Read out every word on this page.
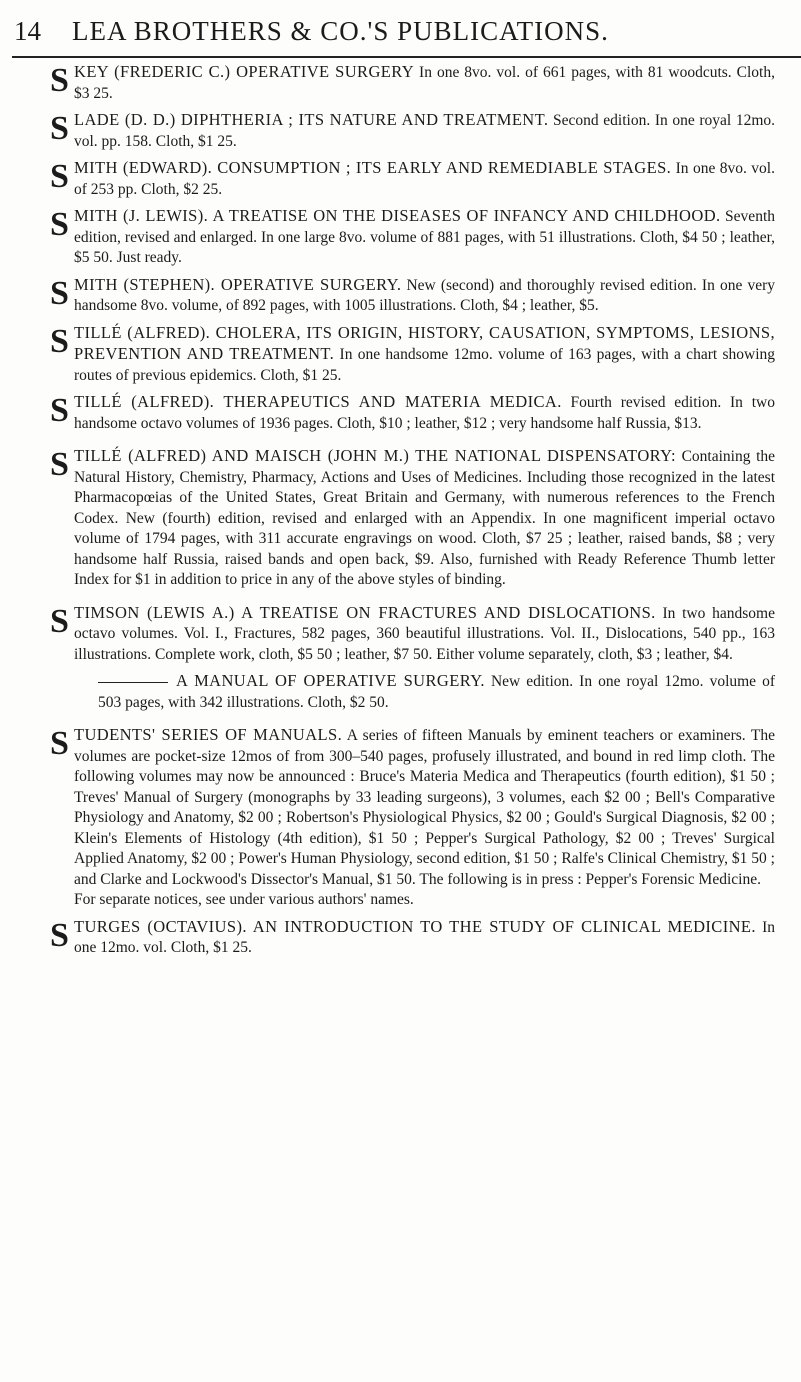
14 LEA BROTHERS & CO.'S PUBLICATIONS.
S KEY (FREDERIC C.) OPERATIVE SURGERY In one 8vo. vol. of 661 pages, with 81 woodcuts. Cloth, $3 25.
S LADE (D. D.) DIPHTHERIA ; ITS NATURE AND TREATMENT. Second edition. In one royal 12mo. vol. pp. 158. Cloth, $1 25.
S MITH (EDWARD). CONSUMPTION ; ITS EARLY AND REMEDIABLE STAGES. In one 8vo. vol. of 253 pp. Cloth, $2 25.
S MITH (J. LEWIS). A TREATISE ON THE DISEASES OF INFANCY AND CHILDHOOD. Seventh edition, revised and enlarged. In one large 8vo. volume of 881 pages, with 51 illustrations. Cloth, $4 50 ; leather, $5 50. Just ready.
S MITH (STEPHEN). OPERATIVE SURGERY. New (second) and thoroughly revised edition. In one very handsome 8vo. volume, of 892 pages, with 1005 illustrations. Cloth, $4 ; leather, $5.
S TILLÉ (ALFRED). CHOLERA, ITS ORIGIN, HISTORY, CAUSATION, SYMPTOMS, LESIONS, PREVENTION AND TREATMENT. In one handsome 12mo. volume of 163 pages, with a chart showing routes of previous epidemics. Cloth, $1 25.
S TILLÉ (ALFRED). THERAPEUTICS AND MATERIA MEDICA. Fourth revised edition. In two handsome octavo volumes of 1936 pages. Cloth, $10 ; leather, $12 ; very handsome half Russia, $13.
S TILLÉ (ALFRED) AND MAISCH (JOHN M.) THE NATIONAL DISPENSATORY: Containing the Natural History, Chemistry, Pharmacy, Actions and Uses of Medicines. Including those recognized in the latest Pharmacopœias of the United States, Great Britain and Germany, with numerous references to the French Codex. New (fourth) edition, revised and enlarged with an Appendix. In one magnificent imperial octavo volume of 1794 pages, with 311 accurate engravings on wood. Cloth, $7 25 ; leather, raised bands, $8 ; very handsome half Russia, raised bands and open back, $9. Also, furnished with Ready Reference Thumb letter Index for $1 in addition to price in any of the above styles of binding.
S TIMSON (LEWIS A.) A TREATISE ON FRACTURES AND DISLOCATIONS. In two handsome octavo volumes. Vol. I., Fractures, 582 pages, 360 beautiful illustrations. Vol. II., Dislocations, 540 pp., 163 illustrations. Complete work, cloth, $5 50 ; leather, $7 50. Either volume separately, cloth, $3 ; leather, $4.
A MANUAL OF OPERATIVE SURGERY. New edition. In one royal 12mo. volume of 503 pages, with 342 illustrations. Cloth, $2 50.
S TUDENTS' SERIES OF MANUALS. A series of fifteen Manuals by eminent teachers or examiners. The volumes are pocket-size 12mos of from 300–540 pages, profusely illustrated, and bound in red limp cloth. The following volumes may now be announced : Bruce's Materia Medica and Therapeutics (fourth edition), $1 50 ; Treves' Manual of Surgery (monographs by 33 leading surgeons), 3 volumes, each $2 00 ; Bell's Comparative Physiology and Anatomy, $2 00 ; Robertson's Physiological Physics, $2 00 ; Gould's Surgical Diagnosis, $2 00 ; Klein's Elements of Histology (4th edition), $1 50 ; Pepper's Surgical Pathology, $2 00 ; Treves' Surgical Applied Anatomy, $2 00 ; Power's Human Physiology, second edition, $1 50 ; Ralfe's Clinical Chemistry, $1 50 ; and Clarke and Lockwood's Dissector's Manual, $1 50. The following is in press : Pepper's Forensic Medicine.
For separate notices, see under various authors' names.
S TURGES (OCTAVIUS). AN INTRODUCTION TO THE STUDY OF CLINICAL MEDICINE. In one 12mo. vol. Cloth, $1 25.
